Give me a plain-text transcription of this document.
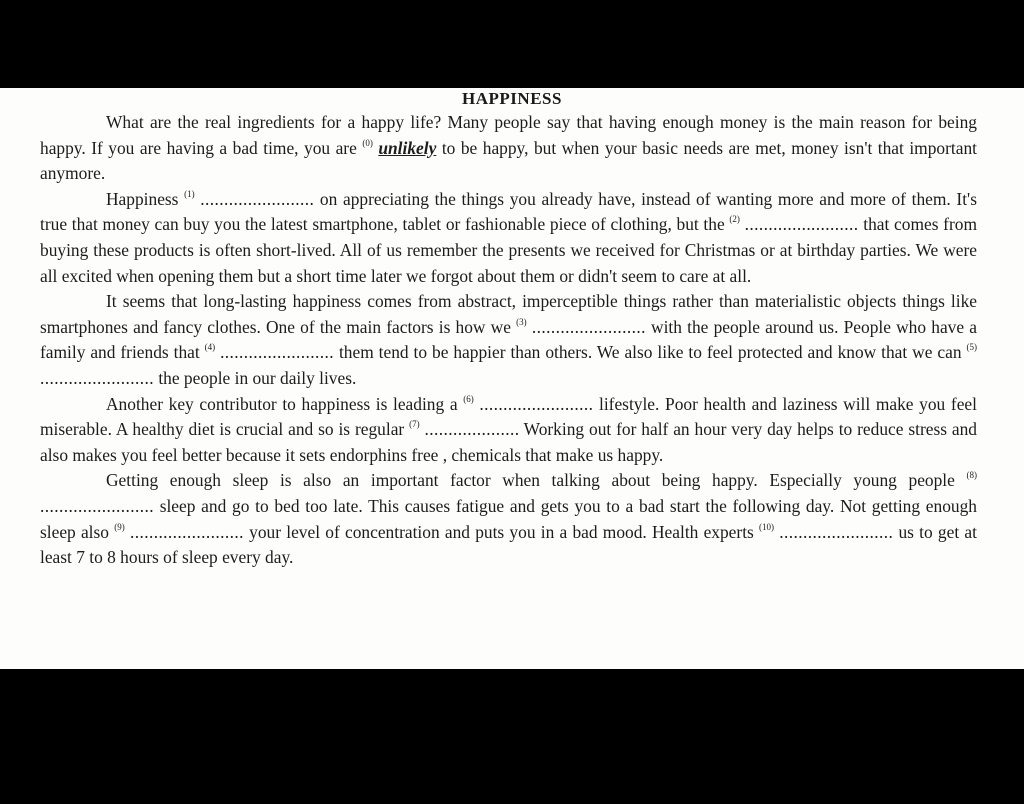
HAPPINESS

What are the real ingredients for a happy life? Many people say that having enough money is the main reason for being happy. If you are having a bad time, you are $^{(0)}$ unlikely to be happy, but when your basic needs are met, money isn't that important anymore.

Happiness $^{(1)}$ ........................ on appreciating the things you already have, instead of wanting more and more of them. It's true that money can buy you the latest smartphone, tablet or fashionable piece of clothing, but the $^{(2)}$ ........................ that comes from buying these products is often short-lived. All of us remember the presents we received for Christmas or at birthday parties. We were all excited when opening them but a short time later we forgot about them or didn't seem to care at all.

It seems that long-lasting happiness comes from abstract, imperceptible things rather than materialistic objects things like smartphones and fancy clothes. One of the main factors is how we $^{(3)}$ ........................ with the people around us. People who have a family and friends that $^{(4)}$ ........................ them tend to be happier than others. We also like to feel protected and know that we can $^{(5)}$ ........................ the people in our daily lives.

Another key contributor to happiness is leading a $^{(6)}$ ........................ lifestyle. Poor health and laziness will make you feel miserable. A healthy diet is crucial and so is regular $^{(7)}$ .................... Working out for half an hour very day helps to reduce stress and also makes you feel better because it sets endorphins free , chemicals that make us happy.

Getting enough sleep is also an important factor when talking about being happy. Especially young people $^{(8)}$ ........................ sleep and go to bed too late. This causes fatigue and gets you to a bad start the following day. Not getting enough sleep also $^{(9)}$ ........................ your level of concentration and puts you in a bad mood. Health experts $^{(10)}$ ........................ us to get at least 7 to 8 hours of sleep every day.
